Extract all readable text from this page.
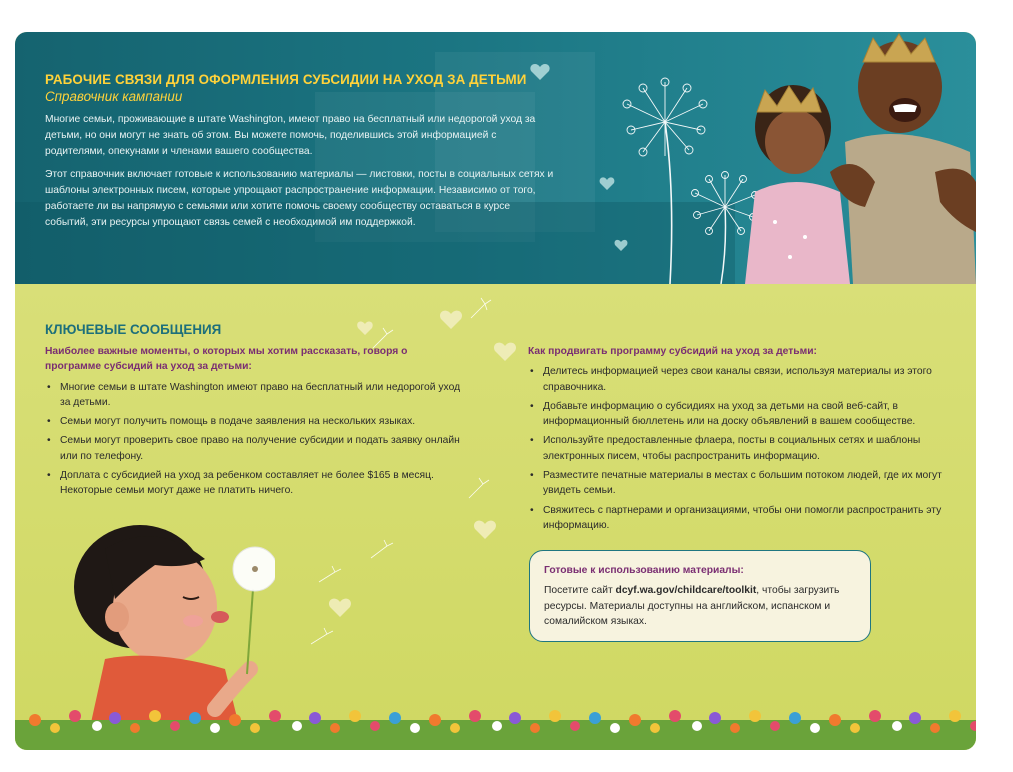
РАБОЧИЕ СВЯЗИ ДЛЯ ОФОРМЛЕНИЯ СУБСИДИИ НА УХОД ЗА ДЕТЬМИ
Справочник кампании

Многие семьи, проживающие в штате Washington, имеют право на бесплатный или недорогой уход за детьми, но они могут не знать об этом. Вы можете помочь, поделившись этой информацией с родителями, опекунами и членами вашего сообщества.

Этот справочник включает готовые к использованию материалы — листовки, посты в социальных сетях и шаблоны электронных писем, которые упрощают распространение информации. Независимо от того, работаете ли вы напрямую с семьями или хотите помочь своему сообществу оставаться в курсе событий, эти ресурсы упрощают связь семей с необходимой им поддержкой.

КЛЮЧЕВЫЕ СООБЩЕНИЯ
Наиболее важные моменты, о которых мы хотим рассказать, говоря о программе субсидий на уход за детьми:
• Многие семьи в штате Washington имеют право на бесплатный или недорогой уход за детьми.
• Семьи могут получить помощь в подаче заявления на нескольких языках.
• Семьи могут проверить свое право на получение субсидии и подать заявку онлайн или по телефону.
• Доплата с субсидией на уход за ребенком составляет не более $165 в месяц. Некоторые семьи могут даже не платить ничего.
Как продвигать программу субсидий на уход за детьми:
• Делитесь информацией через свои каналы связи, используя материалы из этого справочника.
• Добавьте информацию о субсидиях на уход за детьми на свой веб-сайт, в информационный бюллетень или на доску объявлений в вашем сообществе.
• Используйте предоставленные флаера, посты в социальных сетях и шаблоны электронных писем, чтобы распространить информацию.
• Разместите печатные материалы в местах с большим потоком людей, где их могут увидеть семьи.
• Свяжитесь с партнерами и организациями, чтобы они помогли распространить эту информацию.
Готовые к использованию материалы:
Посетите сайт dcyf.wa.gov/childcare/toolkit, чтобы загрузить ресурсы. Материалы доступны на английском, испанском и сомалийском языках.
